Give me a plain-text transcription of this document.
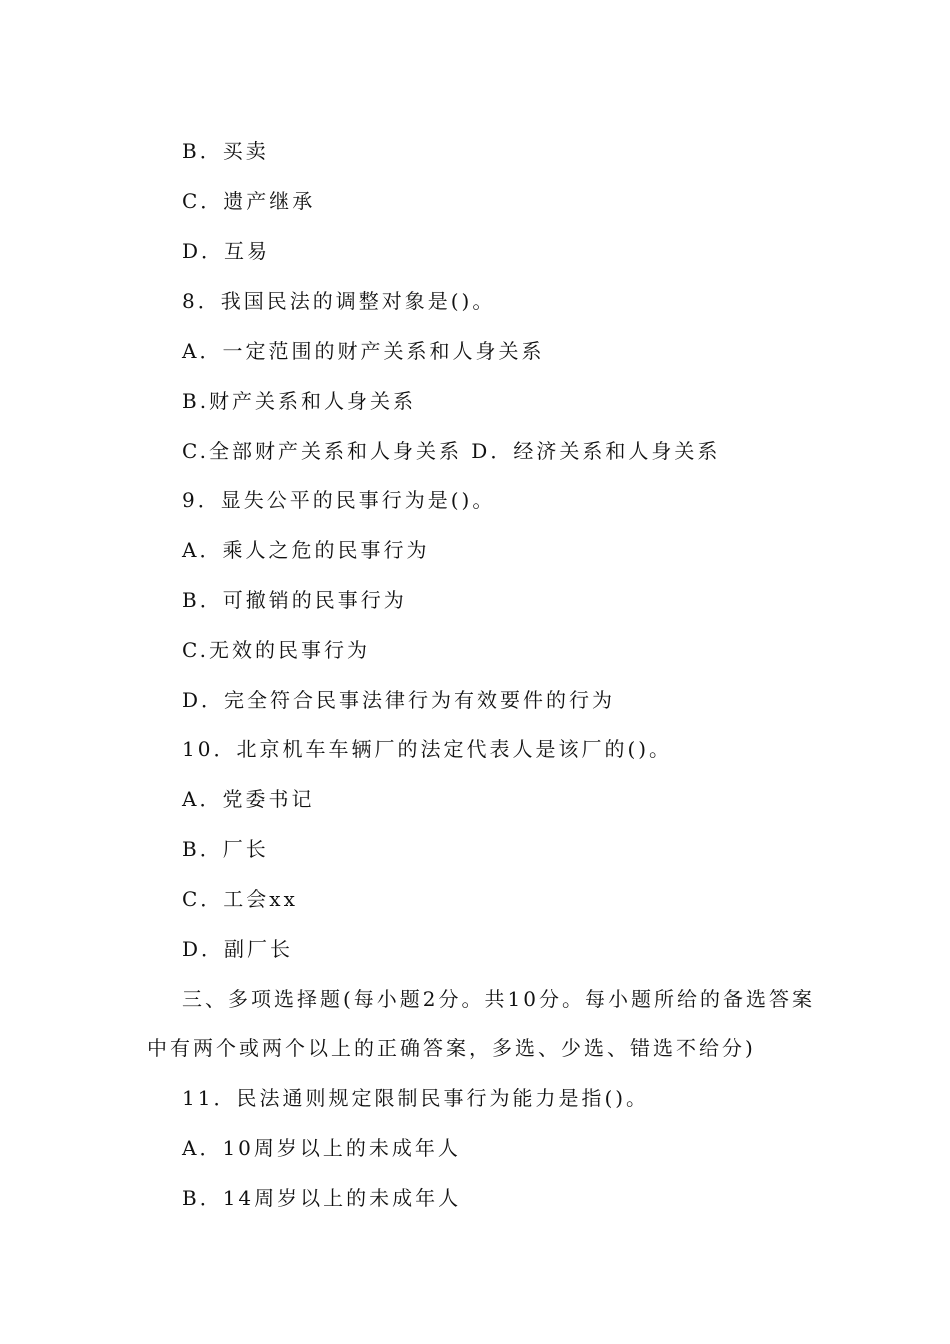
B．买卖
C．遗产继承
D．互易
8．我国民法的调整对象是()。
A．一定范围的财产关系和人身关系
B.财产关系和人身关系
C.全部财产关系和人身关系 D．经济关系和人身关系
9．显失公平的民事行为是()。
A．乘人之危的民事行为
B．可撤销的民事行为
C.无效的民事行为
D．完全符合民事法律行为有效要件的行为
10．北京机车车辆厂的法定代表人是该厂的()。
A．党委书记
B．厂长
C．工会xx
D．副厂长
三、多项选择题(每小题2分。共10分。每小题所给的备选答案
中有两个或两个以上的正确答案，多选、少选、错选不给分)
11．民法通则规定限制民事行为能力是指()。
A．10周岁以上的未成年人
B．14周岁以上的未成年人
